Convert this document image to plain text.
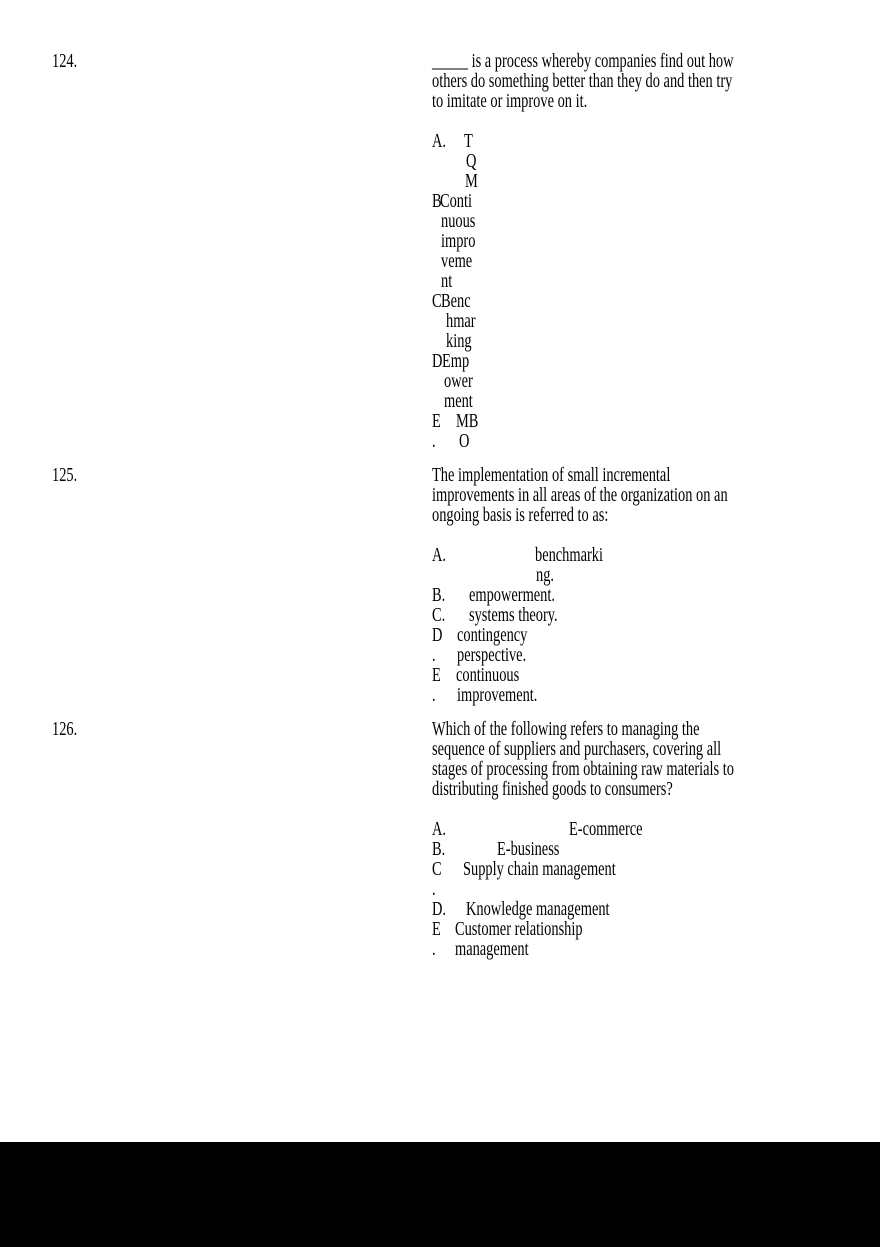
124.	_____ is a process whereby companies find out how
others do something better than they do and then try
to imitate or improve on it.
A. T
Q
M
B
Conti
nuous
impro
veme
nt
C Benc
hmar
king
D Emp
ower
ment
E MB
. O
125.	The implementation of small incremental
improvements in all areas of the organization on an
ongoing basis is referred to as:
A.	benchmarki
ng.
B. empowerment.
C. systems theory.
D contingency
. perspective.
E continuous
. improvement.
126.	Which of the following refers to managing the
sequence of suppliers and purchasers, covering all
stages of processing from obtaining raw materials to
distributing finished goods to consumers?
A.	E-commerce
B.	E-business
C Supply chain management
.
D. Knowledge management
E Customer relationship
. management
